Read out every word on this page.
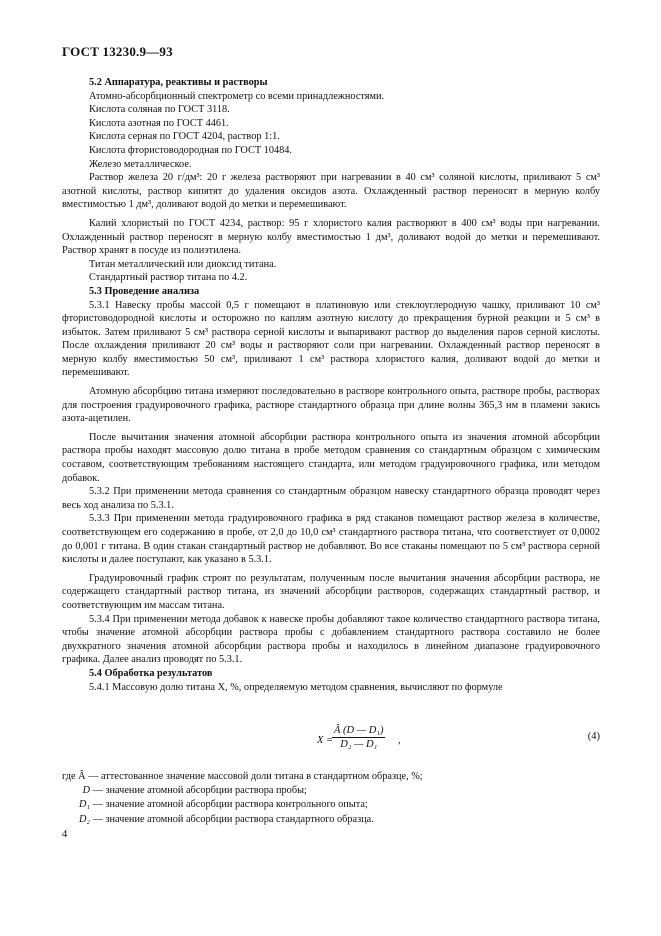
ГОСТ 13230.9—93

5.2 Аппаратура, реактивы и растворы

Атомно-абсорбционный спектрометр со всеми принадлежностями.

Кислота соляная по ГОСТ 3118.

Кислота азотная по ГОСТ 4461.

Кислота серная по ГОСТ 4204, раствор 1:1.

Кислота фтористоводородная по ГОСТ 10484.

Железо металлическое.

Раствор железа 20 г/дм³: 20 г железа растворяют при нагревании в 40 см³ соляной кислоты, приливают 5 см³ азотной кислоты, раствор кипятят до удаления оксидов азота. Охлажденный раствор переносят в мерную колбу вместимостью 1 дм³, доливают водой до метки и перемешивают.

Калий хлористый по ГОСТ 4234, раствор: 95 г хлористого калия растворяют в 400 см³ воды при нагревании. Охлажденный раствор переносят в мерную колбу вместимостью 1 дм³, доливают водой до метки и перемешивают. Раствор хранят в посуде из полиэтилена.

Титан металлический или диоксид титана.

Стандартный раствор титана по 4.2.

5.3 Проведение анализа

5.3.1 Навеску пробы массой 0,5 г помещают в платиновую или стеклоуглеродную чашку, приливают 10 см³ фтористоводородной кислоты и осторожно по каплям азотную кислоту до прекращения бурной реакции и 5 см³ в избыток. Затем приливают 5 см³ раствора серной кислоты и выпаривают раствор до выделения паров серной кислоты. После охлаждения приливают 20 см³ воды и растворяют соли при нагревании. Охлажденный раствор переносят в мерную колбу вместимостью 50 см³, приливают 1 см³ раствора хлористого калия, доливают водой до метки и перемешивают.

Атомную абсорбцию титана измеряют последовательно в растворе контрольного опыта, растворе пробы, растворах для построения градуировочного графика, растворе стандартного образца при длине волны 365,3 нм в пламени закись азота-ацетилен.

После вычитания значения атомной абсорбции раствора контрольного опыта из значения атомной абсорбции раствора пробы находят массовую долю титана в пробе методом сравнения со стандартным образцом с химическим составом, соответствующим требованиям настоящего стандарта, или методом градуировочного графика, или методом добавок.

5.3.2 При применении метода сравнения со стандартным образцом навеску стандартного образца проводят через весь ход анализа по 5.3.1.

5.3.3 При применении метода градуировочного графика в ряд стаканов помещают раствор железа в количестве, соответствующем его содержанию в пробе, от 2,0 до 10,0 см³ стандартного раствора титана, что соответствует от 0,0002 до 0,001 г титана. В один стакан стандартный раствор не добавляют. Во все стаканы помещают по 5 см³ раствора серной кислоты и далее поступают, как указано в 5.3.1.

Градуировочный график строят по результатам, полученным после вычитания значения абсорбции раствора, не содержащего стандартный раствор титана, из значений абсорбции растворов, содержащих стандартный раствор, и соответствующим им массам титана.

5.3.4 При применении метода добавок к навеске пробы добавляют такое количество стандартного раствора титана, чтобы значение атомной абсорбции раствора пробы с добавлением стандартного раствора составило не более двухкратного значения атомной абсорбции раствора пробы и находилось в линейном диапазоне градуировочного графика. Далее анализ проводят по 5.3.1.

5.4 Обработка результатов

5.4.1 Массовую долю титана X, %, определяемую методом сравнения, вычисляют по формуле

X =
$\frac{\text{Â (D — D₁)}}{\text{D₂ — D₁}}$ ,	(4)
где Â — аттестованное значение массовой доли титана в стандартном образце, %;
D — значение атомной абсорбции раствора пробы;
D₁ — значение атомной абсорбции раствора контрольного опыта;
D₂ — значение атомной абсорбции раствора стандартного образца.
4
